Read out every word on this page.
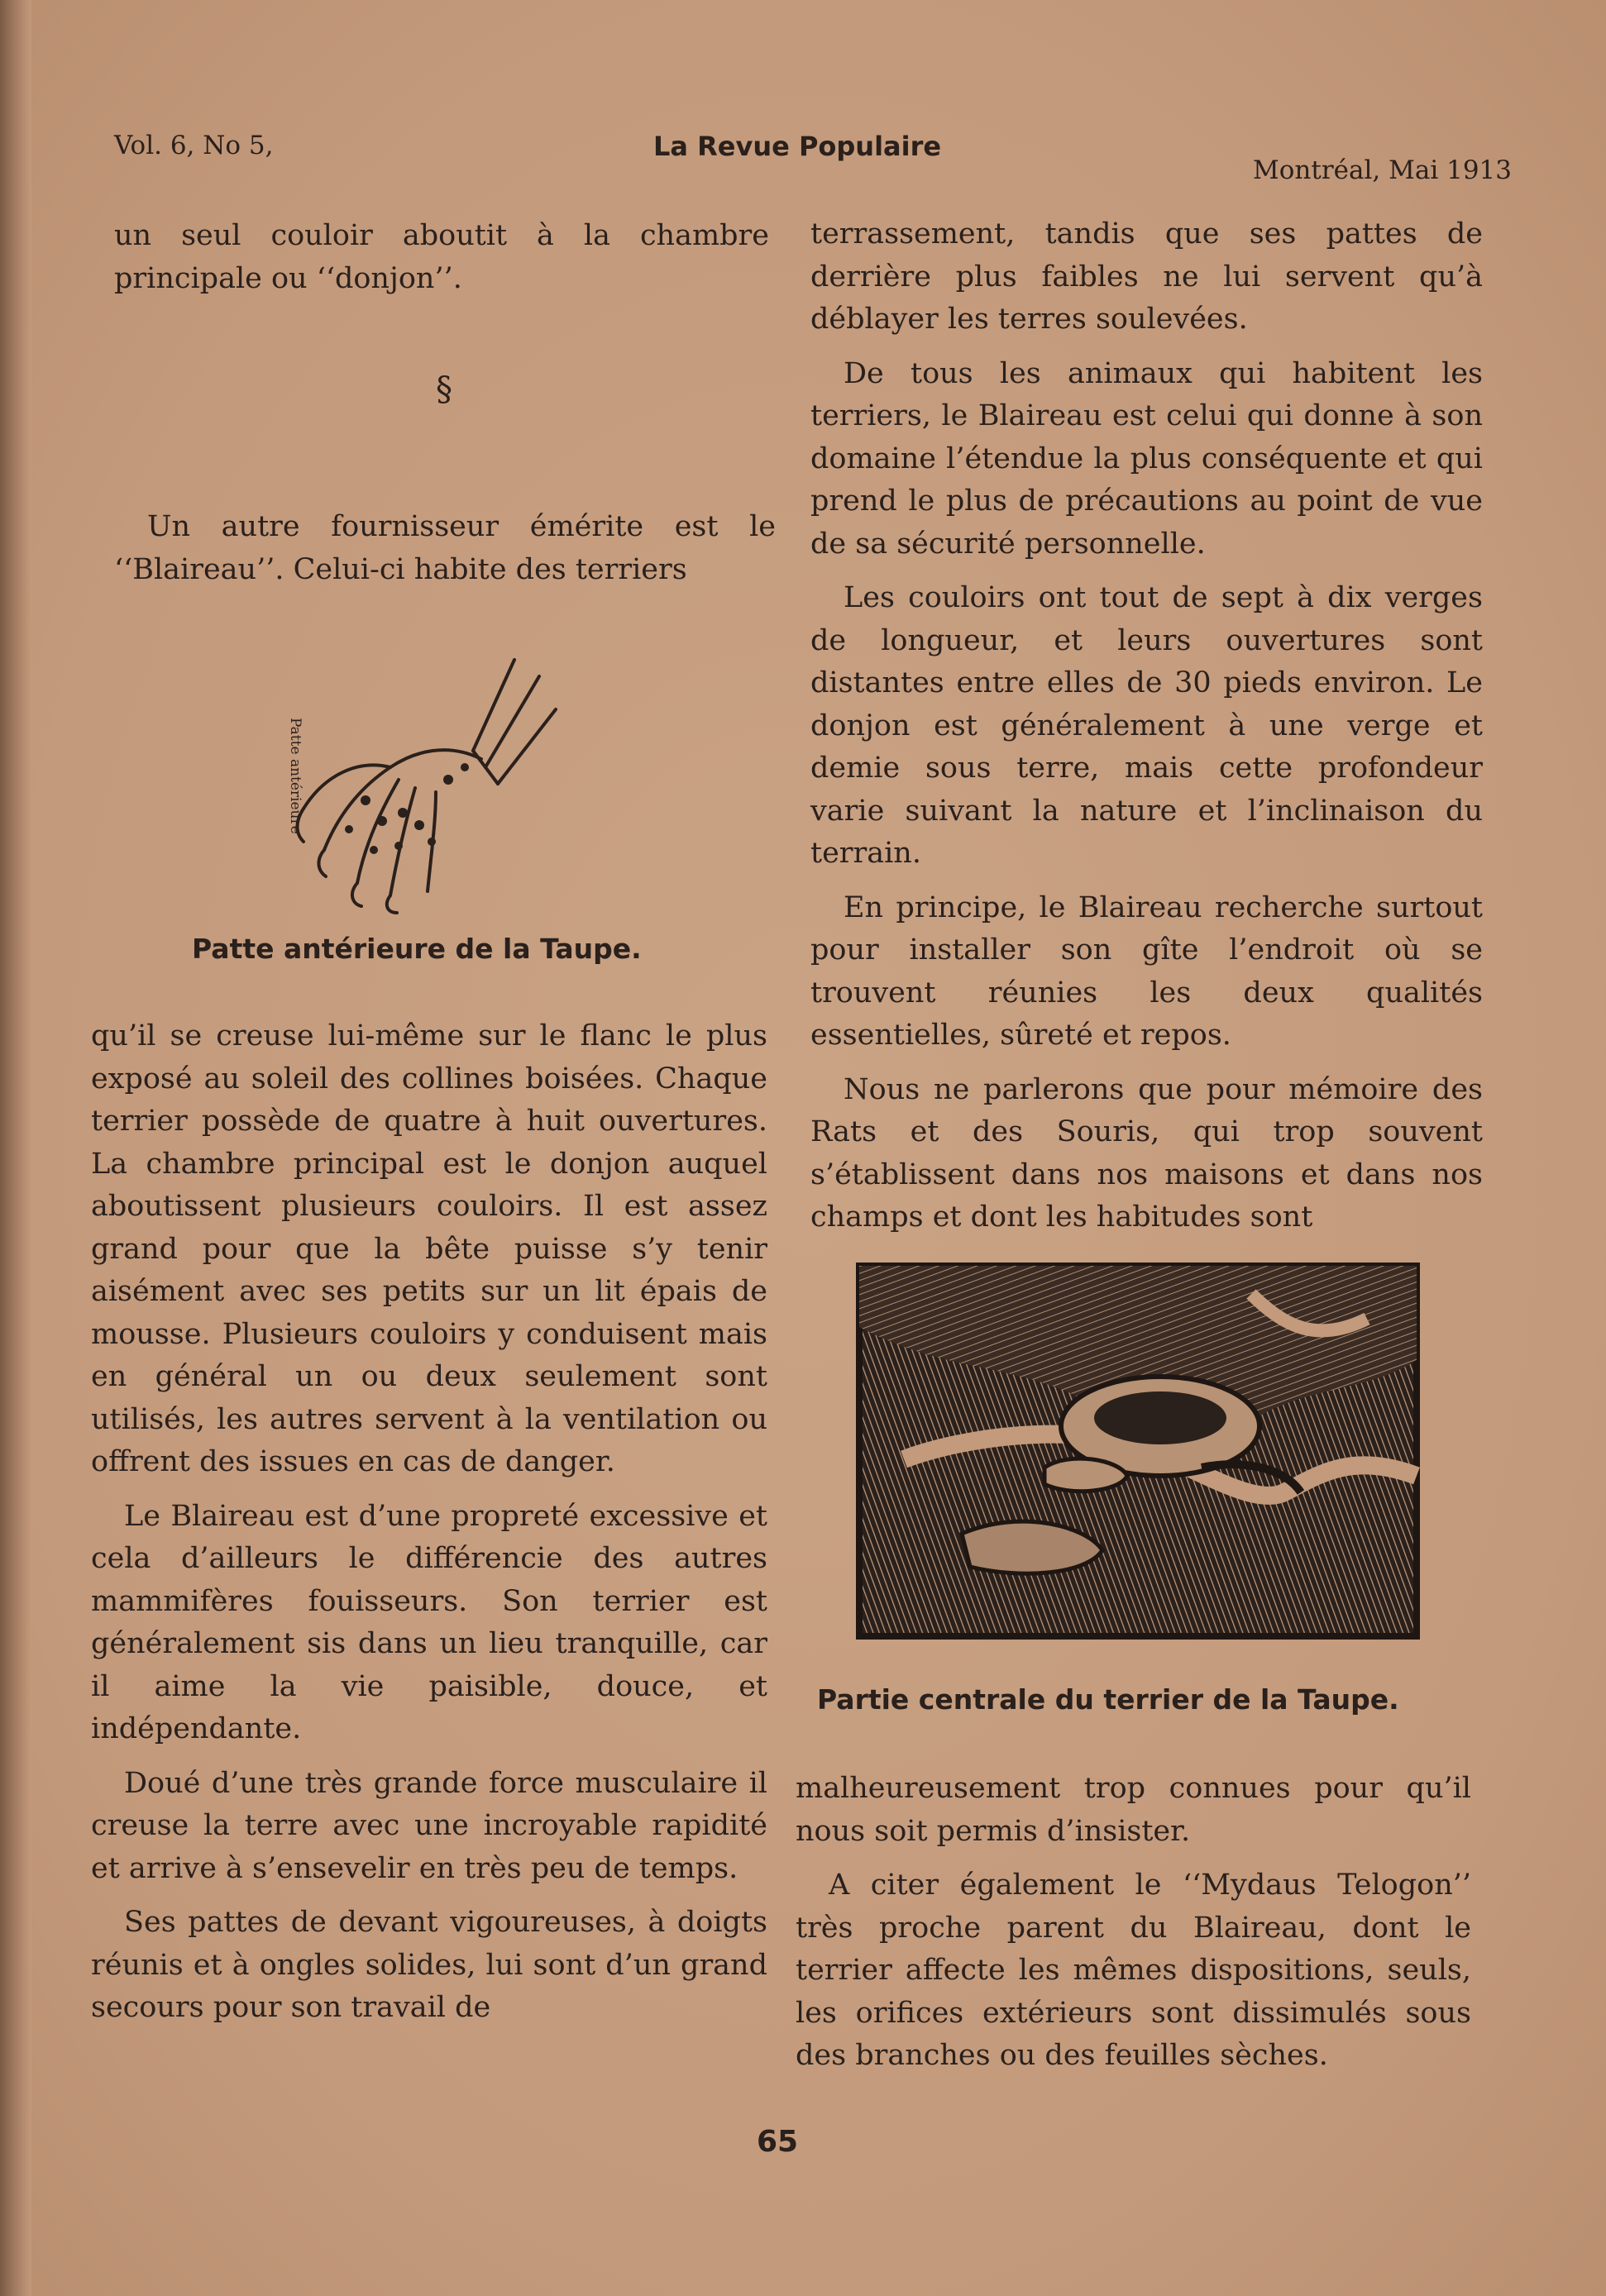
Vol. 6, No 5,	La Revue Populaire
Montréal, Mai 1913

un seul couloir aboutit à la chambre principale ou ‘‘donjon’’.

§

Un autre fournisseur émérite est le ‘‘Blaireau’’. Celui-ci habite des terriers

Patte antérieure
Patte antérieure de la Taupe.

qu’il se creuse lui-même sur le flanc le plus exposé au soleil des collines boisées. Chaque terrier possède de quatre à huit ouvertures. La chambre principal est le donjon auquel aboutissent plusieurs couloirs. Il est assez grand pour que la bête puisse s’y tenir aisément avec ses petits sur un lit épais de mousse. Plusieurs couloirs y conduisent mais en général un ou deux seulement sont utilisés, les autres servent à la ventilation ou offrent des issues en cas de danger.

Le Blaireau est d’une propreté excessive et cela d’ailleurs le différencie des autres mammifères fouisseurs. Son terrier est généralement sis dans un lieu tranquille, car il aime la vie paisible, douce, et indépendante.

Doué d’une très grande force musculaire il creuse la terre avec une incroyable rapidité et arrive à s’ensevelir en très peu de temps.

Ses pattes de devant vigoureuses, à doigts réunis et à ongles solides, lui sont d’un grand secours pour son travail de

terrassement, tandis que ses pattes de derrière plus faibles ne lui servent qu’à déblayer les terres soulevées.

De tous les animaux qui habitent les terriers, le Blaireau est celui qui donne à son domaine l’étendue la plus conséquente et qui prend le plus de précautions au point de vue de sa sécurité personnelle.

Les couloirs ont tout de sept à dix verges de longueur, et leurs ouvertures sont distantes entre elles de 30 pieds environ. Le donjon est généralement à une verge et demie sous terre, mais cette profondeur varie suivant la nature et l’inclinaison du terrain.

En principe, le Blaireau recherche surtout pour installer son gîte l’endroit où se trouvent réunies les deux qualités essentielles, sûreté et repos.

Nous ne parlerons que pour mémoire des Rats et des Souris, qui trop souvent s’établissent dans nos maisons et dans nos champs et dont les habitudes sont

Partie centrale du terrier de la Taupe.

malheureusement trop connues pour qu’il nous soit permis d’insister.

A citer également le ‘‘Mydaus Telogon’’ très proche parent du Blaireau, dont le terrier affecte les mêmes dispositions, seuls, les orifices extérieurs sont dissimulés sous des branches ou des feuilles sèches.

65
